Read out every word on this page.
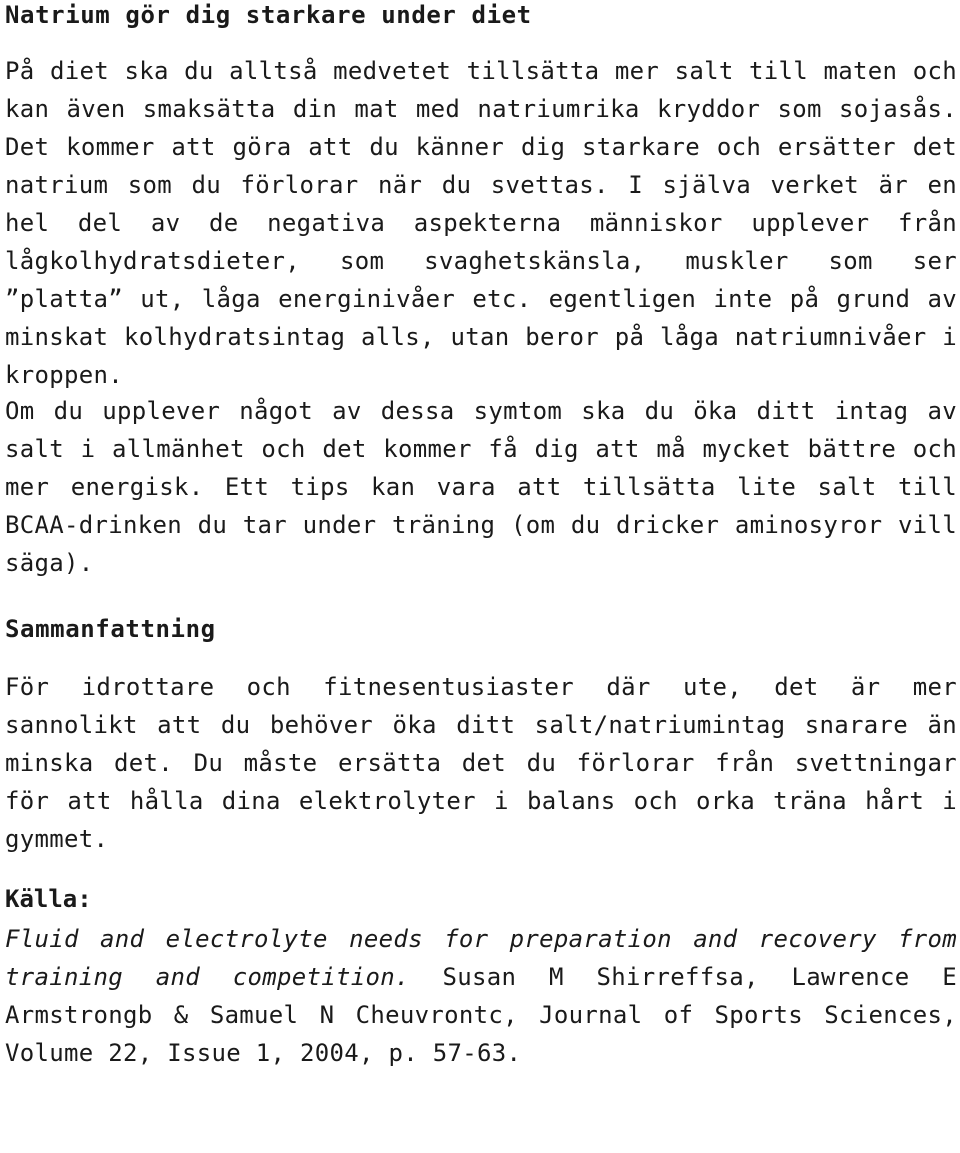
Natrium gör dig starkare under diet

På diet ska du alltså medvetet tillsätta mer salt till maten och kan även smaksätta din mat med natriumrika kryddor som sojasås. Det kommer att göra att du känner dig starkare och ersätter det natrium som du förlorar när du svettas. I själva verket är en hel del av de negativa aspekterna människor upplever från lågkolhydratsdieter, som svaghetskänsla, muskler som ser ”platta” ut, låga energinivåer etc. egentligen inte på grund av minskat kolhydratsintag alls, utan beror på låga natriumnivåer i kroppen.

Om du upplever något av dessa symtom ska du öka ditt intag av salt i allmänhet och det kommer få dig att må mycket bättre och mer energisk. Ett tips kan vara att tillsätta lite salt till BCAA-drinken du tar under träning (om du dricker aminosyror vill säga).

Sammanfattning

För idrottare och fitnesentusiaster där ute, det är mer sannolikt att du behöver öka ditt salt/natriumintag snarare än minska det. Du måste ersätta det du förlorar från svettningar för att hålla dina elektrolyter i balans och orka träna hårt i gymmet.

Källa:

Fluid and electrolyte needs for preparation and recovery from training and competition. Susan M Shirreffsa, Lawrence E Armstrongb & Samuel N Cheuvrontc, Journal of Sports Sciences, Volume 22, Issue 1, 2004, p. 57-63.
